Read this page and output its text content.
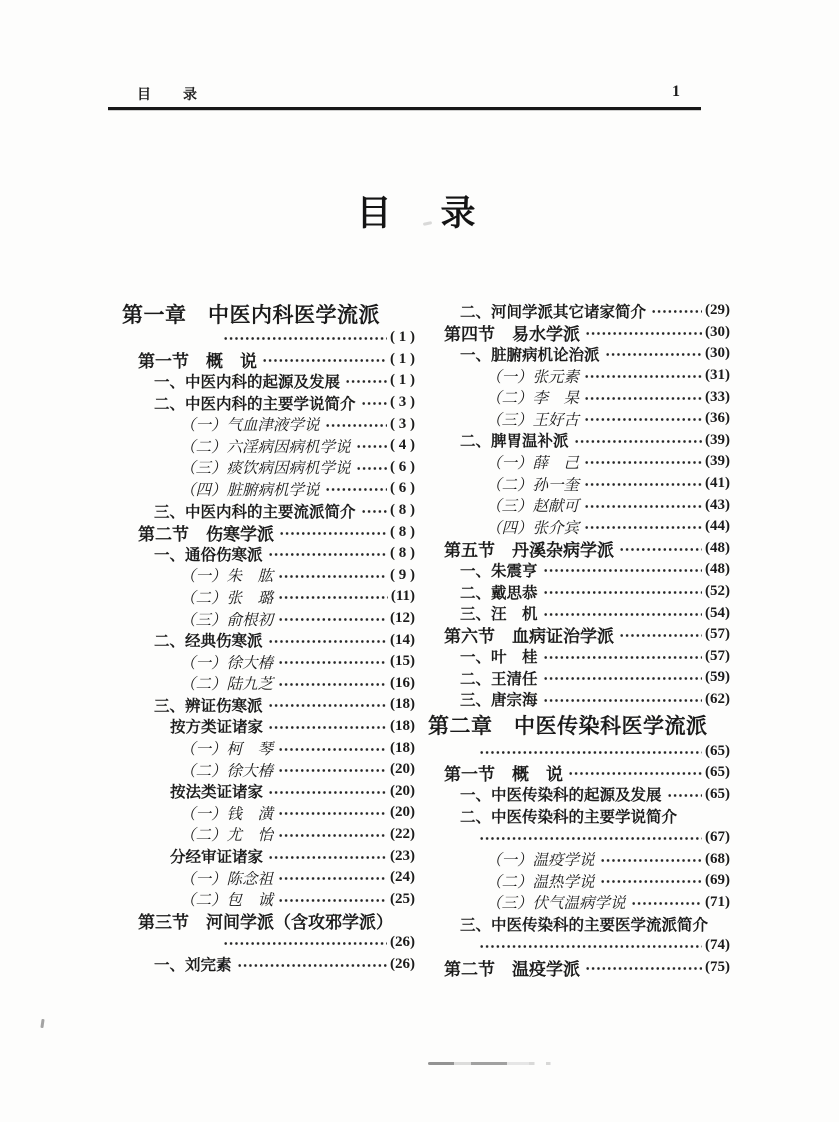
目　录	1
目　录
第一章　中医内科医学流派
( 1 )
第一节　概　说	( 1 )
一、中医内科的起源及发展	( 1 )
二、中医内科的主要学说简介 ( 3 )
（一）气血津液学说	( 3 )
（二）六淫病因病机学说	( 4 )
（三）痰饮病因病机学说	( 6 )
（四）脏腑病机学说	( 6 )
三、中医内科的主要流派简介 ( 8 )
第二节　伤寒学派	( 8 )
一、通俗伤寒派	( 8 )
（一）朱　肱	( 9 )
（二）张　璐	(11)
（三）俞根初	(12)
二、经典伤寒派	(14)
（一）徐大椿	(15)
（二）陆九芝	(16)
三、辨证伤寒派	(18)
按方类证诸家	(18)
（一）柯　琴	(18)
（二）徐大椿	(20)
按法类证诸家	(20)
（一）钱　潢	(20)
（二）尤　怡	(22)
分经审证诸家	(23)
（一）陈念祖	(24)
（二）包　诚	(25)
第三节　河间学派（含攻邪学派）
(26)
一、刘完素	(26)
二、河间学派其它诸家简介	(29)
第四节　易水学派	(30)
一、脏腑病机论治派	(30)
（一）张元素	(31)
（二）李　杲	(33)
（三）王好古	(36)
二、脾胃温补派	(39)
（一）薛　己	(39)
（二）孙一奎	(41)
（三）赵献可	(43)
（四）张介宾	(44)
第五节　丹溪杂病学派	(48)
一、朱震亨	(48)
二、戴思恭	(52)
三、汪　机	(54)
第六节　血病证治学派	(57)
一、叶　桂	(57)
二、王清任	(59)
三、唐宗海	(62)
第二章　中医传染科医学流派
(65)
第一节　概　说	(65)
一、中医传染科的起源及发展	(65)
二、中医传染科的主要学说简介
(67)
（一）温疫学说	(68)
（二）温热学说	(69)
（三）伏气温病学说	(71)
三、中医传染科的主要医学流派简介
(74)
第二节　温疫学派	(75)
